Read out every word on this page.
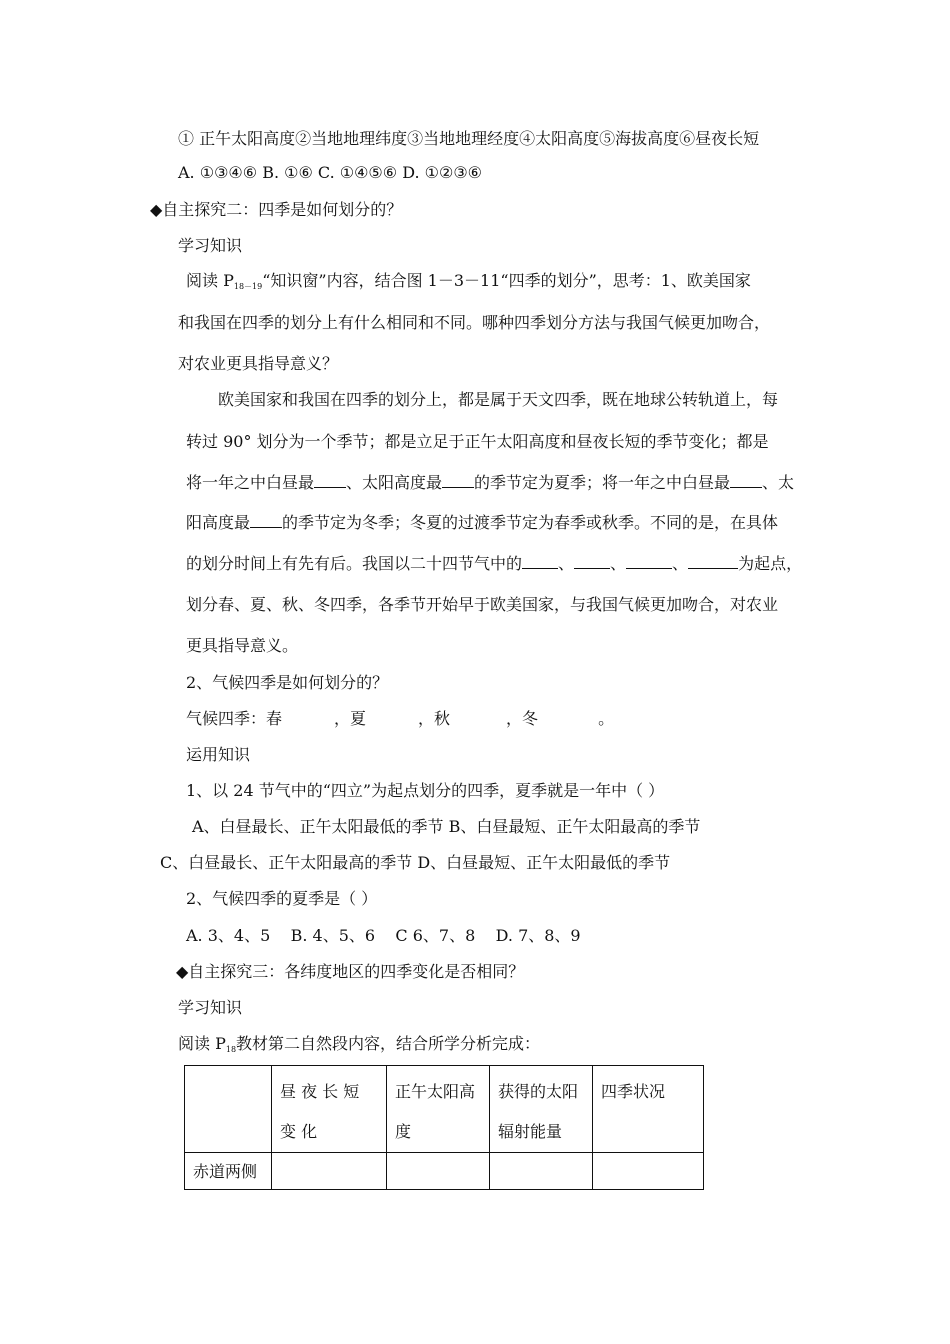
① 正午太阳高度②当地地理纬度③当地地理经度④太阳高度⑤海拔高度⑥昼夜长短
A. ①③④⑥ B. ①⑥ C. ①④⑤⑥ D. ①②③⑥
◆自主探究二：四季是如何划分的？
学习知识
阅读 P18－19“知识窗”内容，结合图 1－3－11“四季的划分”，思考：1、欧美国家
和我国在四季的划分上有什么相同和不同。哪种四季划分方法与我国气候更加吻合，
对农业更具指导意义？
欧美国家和我国在四季的划分上，都是属于天文四季，既在地球公转轨道上，每
转过 90° 划分为一个季节；都是立足于正午太阳高度和昼夜长短的季节变化；都是
将一年之中白昼最 、太阳高度最 的季节定为夏季；将一年之中白昼最 、太
阳高度最 的季节定为冬季；冬夏的过渡季节定为春季或秋季。不同的是，在具体
的划分时间上有先有后。我国以二十四节气中的 、 、	、	为起点，
划分春、夏、秋、冬四季，各季节开始早于欧美国家，与我国气候更加吻合，对农业
更具指导意义。
2、气候四季是如何划分的？
气候四季：春	，夏	，秋	，冬	。
运用知识
1、以 24 节气中的“四立”为起点划分的四季，夏季就是一年中（ ）
A、白昼最长、正午太阳最低的季节 B、白昼最短、正午太阳最高的季节
C、白昼最长、正午太阳最高的季节 D、白昼最短、正午太阳最低的季节
2、气候四季的夏季是（ ）
A. 3、4、5    B. 4、5、6    C 6、7、8    D. 7、8、9
◆自主探究三：各纬度地区的四季变化是否相同？
学习知识
阅读 P18教材第二自然段内容，结合所学分析完成：

	昼 夜 长 短 变 化	正午太阳高度	获得的太阳辐射能量	四季状况

赤道两侧				
